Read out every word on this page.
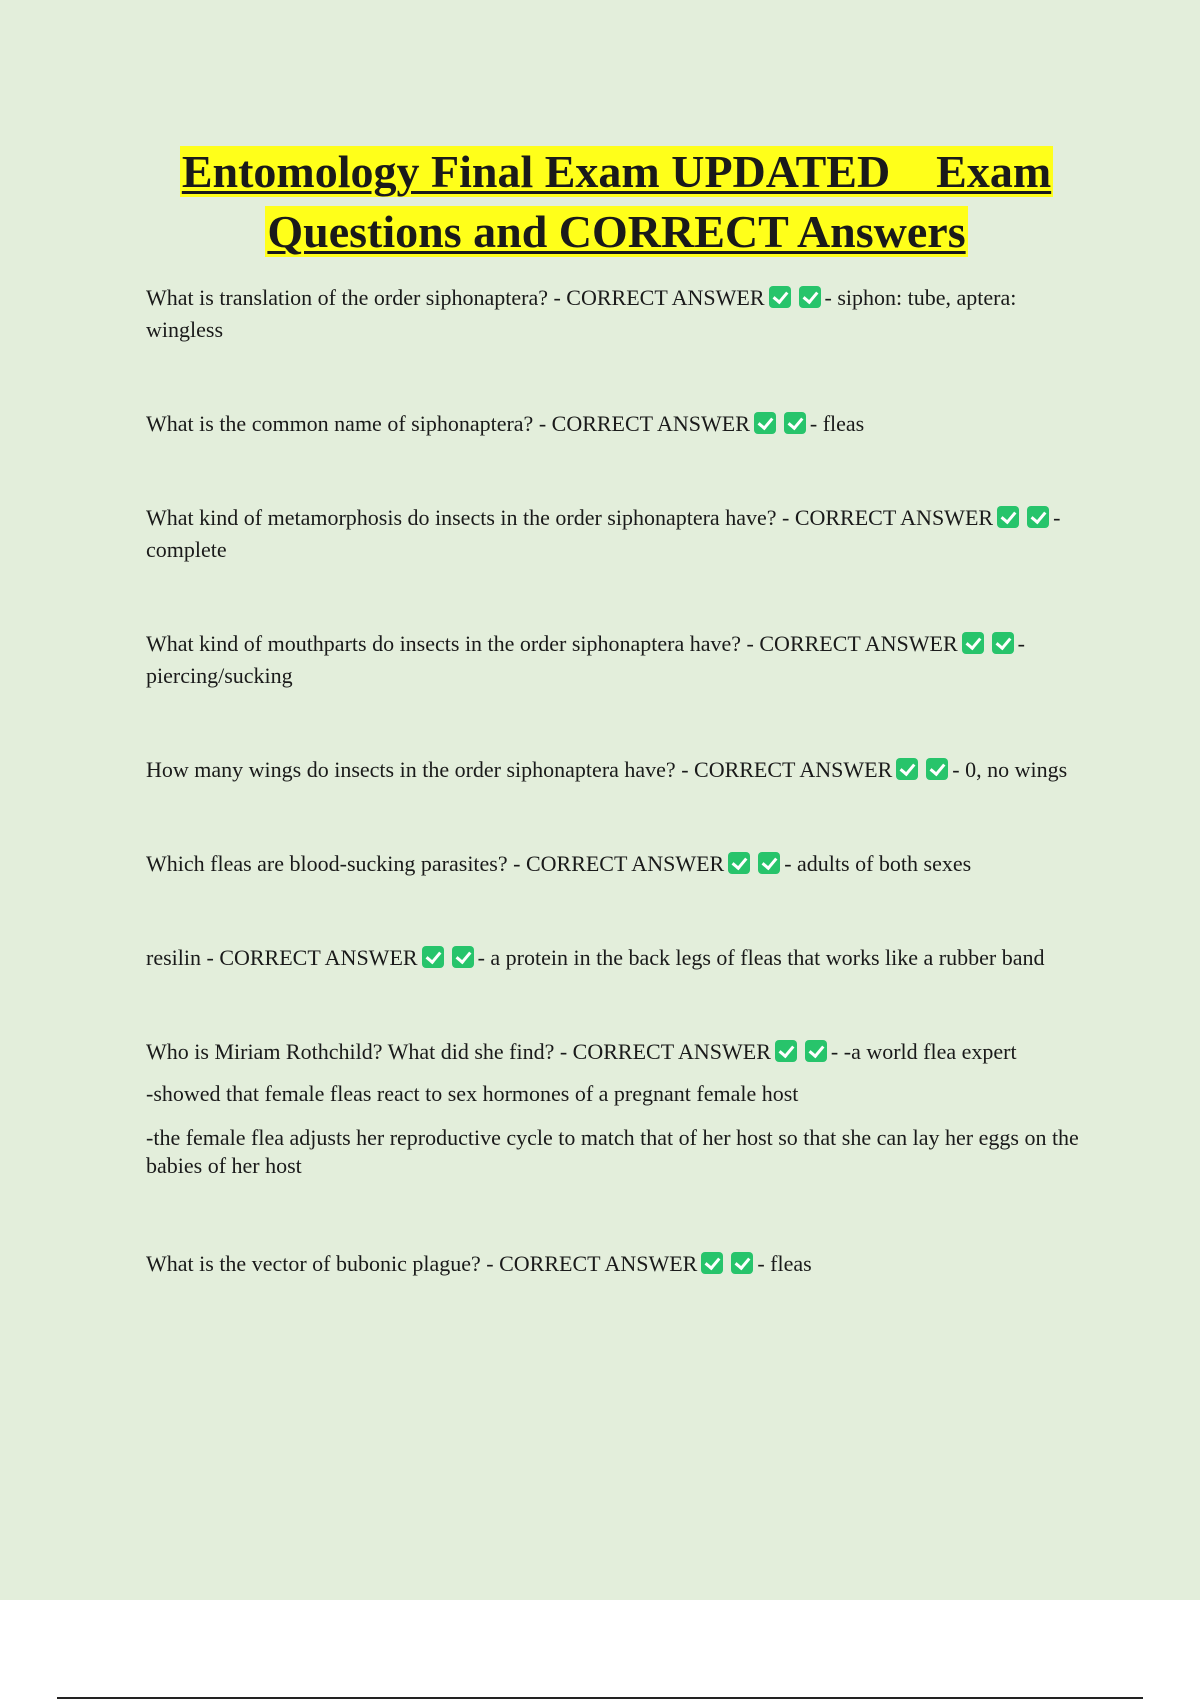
Entomology Final Exam UPDATED    Exam
Questions and CORRECT Answers

What is translation of the order siphonaptera? - CORRECT ANSWER	- siphon: tube, aptera: wingless

What is the common name of siphonaptera? - CORRECT ANSWER	- fleas

What kind of metamorphosis do insects in the order siphonaptera have? - CORRECT ANSWER	- complete

What kind of mouthparts do insects in the order siphonaptera have? - CORRECT ANSWER	- piercing/sucking

How many wings do insects in the order siphonaptera have? - CORRECT ANSWER	- 0, no wings

Which fleas are blood-sucking parasites? - CORRECT ANSWER	- adults of both sexes

resilin - CORRECT ANSWER	- a protein in the back legs of fleas that works like a rubber band

Who is Miriam Rothchild? What did she find? - CORRECT ANSWER	- -a world flea expert

-showed that female fleas react to sex hormones of a pregnant female host

-the female flea adjusts her reproductive cycle to match that of her host so that she can lay her eggs on the babies of her host

What is the vector of bubonic plague? - CORRECT ANSWER	- fleas
